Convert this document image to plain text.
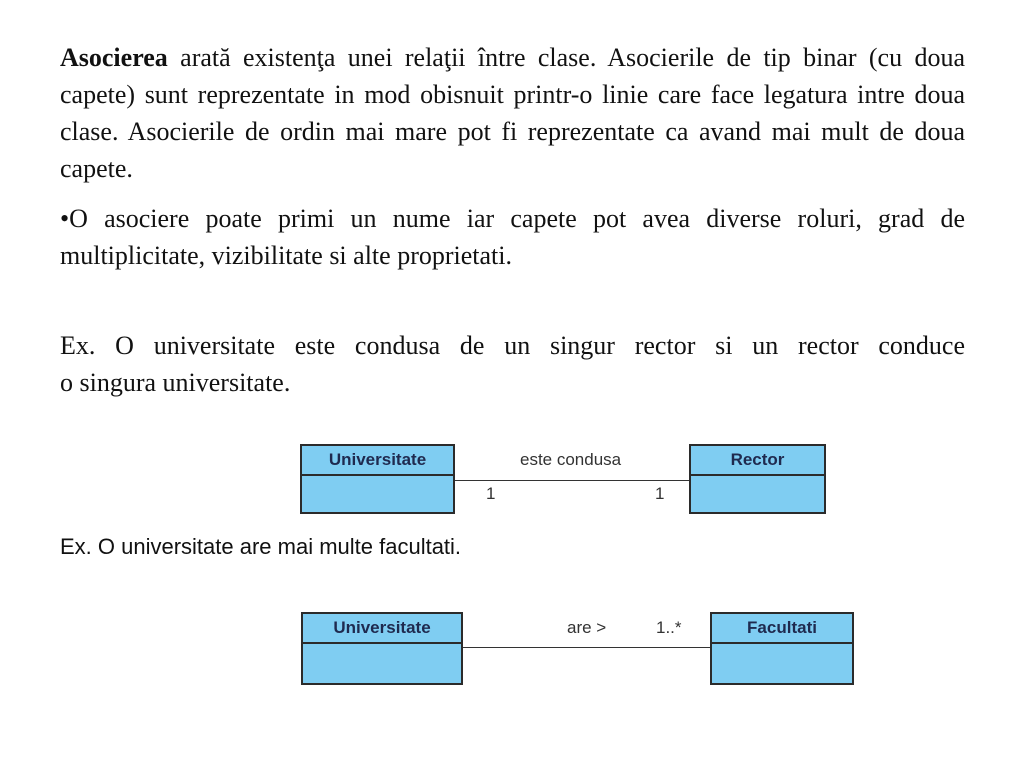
Asocierea arată existenţa unei relaţii între clase. Asocierile de tip binar (cu doua capete) sunt reprezentate in mod obisnuit printr-o linie care face legatura intre doua clase. Asocierile de ordin mai mare pot fi reprezentate ca avand mai mult de doua capete.

•O asociere poate primi un nume iar capete pot avea diverse roluri, grad de multiplicitate, vizibilitate si alte proprietati.

Ex. O universitate este condusa de un singur rector si un rector conduce
o singura universitate.

Universitate	este condusa
1	1
Rector
Ex. O universitate are mai multe facultati.
Universitate	are >	1..*	Facultati
